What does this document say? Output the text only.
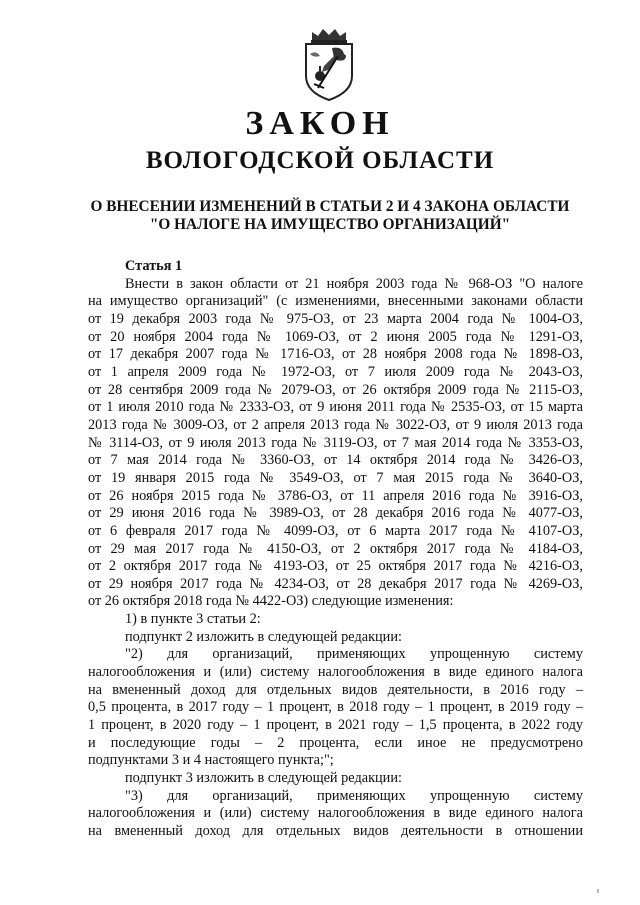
ЗАКОН
ВОЛОГОДСКОЙ ОБЛАСТИ
О ВНЕСЕНИИ ИЗМЕНЕНИЙ В СТАТЬИ 2 И 4 ЗАКОНА ОБЛАСТИ
"О НАЛОГЕ НА ИМУЩЕСТВО ОРГАНИЗАЦИЙ"
Статья 1
Внести в закон области от 21 ноября 2003 года № 968-ОЗ "О налоге
на имущество организаций" (с изменениями, внесенными законами области
от 19 декабря 2003 года № 975-ОЗ, от 23 марта 2004 года № 1004-ОЗ,
от 20 ноября 2004 года № 1069-ОЗ, от 2 июня 2005 года № 1291-ОЗ,
от 17 декабря 2007 года № 1716-ОЗ, от 28 ноября 2008 года № 1898-ОЗ,
от 1 апреля 2009 года № 1972-ОЗ, от 7 июля 2009 года № 2043-ОЗ,
от 28 сентября 2009 года № 2079-ОЗ, от 26 октября 2009 года № 2115-ОЗ,
от 1 июля 2010 года № 2333-ОЗ, от 9 июня 2011 года № 2535-ОЗ, от 15 марта
2013 года № 3009-ОЗ, от 2 апреля 2013 года № 3022-ОЗ, от 9 июля 2013 года
№ 3114-ОЗ, от 9 июля 2013 года № 3119-ОЗ, от 7 мая 2014 года № 3353-ОЗ,
от 7 мая 2014 года № 3360-ОЗ, от 14 октября 2014 года № 3426-ОЗ,
от 19 января 2015 года № 3549-ОЗ, от 7 мая 2015 года № 3640-ОЗ,
от 26 ноября 2015 года № 3786-ОЗ, от 11 апреля 2016 года № 3916-ОЗ,
от 29 июня 2016 года № 3989-ОЗ, от 28 декабря 2016 года № 4077-ОЗ,
от 6 февраля 2017 года № 4099-ОЗ, от 6 марта 2017 года № 4107-ОЗ,
от 29 мая 2017 года № 4150-ОЗ, от 2 октября 2017 года № 4184-ОЗ,
от 2 октября 2017 года № 4193-ОЗ, от 25 октября 2017 года № 4216-ОЗ,
от 29 ноября 2017 года № 4234-ОЗ, от 28 декабря 2017 года № 4269-ОЗ,
от 26 октября 2018 года № 4422-ОЗ) следующие изменения:
1) в пункте 3 статьи 2:
подпункт 2 изложить в следующей редакции:
"2) для организаций, применяющих упрощенную систему
налогообложения и (или) систему налогообложения в виде единого налога
на вмененный доход для отдельных видов деятельности, в 2016 году –
0,5 процента, в 2017 году – 1 процент, в 2018 году – 1 процент, в 2019 году –
1 процент, в 2020 году – 1 процент, в 2021 году – 1,5 процента, в 2022 году
и последующие годы – 2 процента, если иное не предусмотрено
подпунктами 3 и 4 настоящего пункта;";
подпункт 3 изложить в следующей редакции:
"3) для организаций, применяющих упрощенную систему
налогообложения и (или) систему налогообложения в виде единого налога
на вмененный доход для отдельных видов деятельности в отношении
